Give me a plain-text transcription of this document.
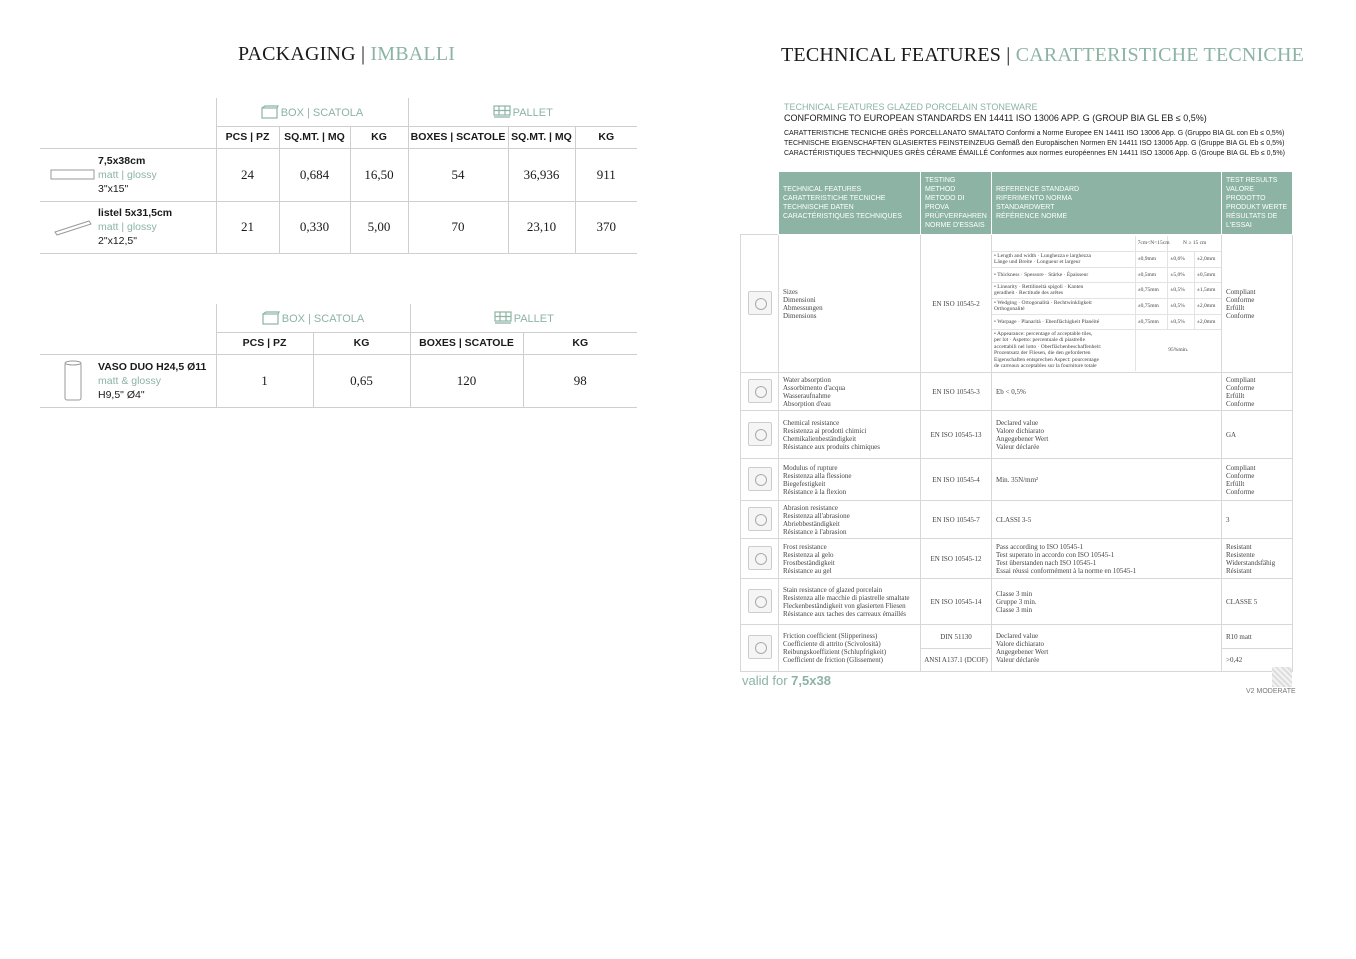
PACKAGING | IMBALLI	TECHNICAL FEATURES | CARATTERISTICHE TECNICHE
	BOX | SCATOLA			PALLET		
	PCS | PZ	SQ.MT. | MQ	KG	BOXES | SCATOLE	SQ.MT. | MQ	KG

7,5x38cm
matt | glossy
3"x15"	24	0,684	16,50	54	36,936	911

listel 5x31,5cm
matt | glossy
2"x12,5"	21	0,330	5,00	70	23,10	370
	BOX | SCATOLA		PALLET	
	PCS | PZ	KG	BOXES | SCATOLE	KG

VASO DUO H24,5 Ø11
matt & glossy
H9,5" Ø4"	1	0,65	120	98
TECHNICAL FEATURES GLAZED PORCELAIN STONEWARE
CONFORMING TO EUROPEAN STANDARDS EN 14411 ISO 13006 APP. G (GROUP BIA GL EB ≤ 0,5%)
CARATTERISTICHE TECNICHE GRÈS PORCELLANATO SMALTATO Conformi a Norme Europee EN 14411 ISO 13006 App. G (Gruppo BIA GL con Eb ≤ 0,5%)
TECHNISCHE EIGENSCHAFTEN GLASIERTES FEINSTEINZEUG Gemäß den Europäischen Normen EN 14411 ISO 13006 App. G (Gruppe BIA GL Eb ≤ 0,5%)
CARACTÉRISTIQUES TECHNIQUES GRÈS CÉRAME ÉMAILLÉ Conformes aux normes européennes EN 14411 ISO 13006 App. G (Groupe BIA GL Eb ≤ 0,5%)
	TECHNICAL FEATURES
CARATTERISTICHE TECNICHE
TECHNISCHE DATEN
CARACTÉRISTIQUES TECHNIQUES	TESTING METHOD
METODO DI PROVA
PRÜFVERFAHREN
NORME D'ESSAIS	REFERENCE STANDARD
RIFERIMENTO NORMA
STANDARDWERT
RÉFÉRENCE NORME	TEST RESULTS
VALORE PRODOTTO
PRODUKT WERTE
RÉSULTATS DE
L'ESSAI
	Sizes
Dimensioni
Abmessungen
Dimensions	EN ISO 10545-2	
	7cm<N<15cm	N ≥ 15 cm
• Length and width · Lunghezza e larghezza
Länge und Breite · Longueur et largeur	±0,9mm	±0,6%	±2,0mm
• Thickness · Spessore · Stärke · Épaisseur	±0,5mm	±5,0%	±0,5mm
• Linearity · Rettilineità spigoli · Kanten
geradheit · Rectitude des arêtes	±0,75mm	±0,5%	±1,5mm
• Wedging · Ortogonalità · Rechtwinkligkeit
Orthogonalité	±0,75mm	±0,5%	±2,0mm
• Warpage · Planarità · Ebenflächigkeit Planéité	±0,75mm	±0,5%	±2,0mm
• Appearance: percentage of acceptable tiles,
per lot · Aspetto: percentuale di piastrelle
accettabili nel lotto · Oberflächenbeschaffenheit:
Prozentsatz der Fliesen, die den geforderten
Eigenschaften entsprechen Aspect: pourcentage
de carreaux acceptables sur la fourniture totale	95%min.
	Compliant
Conforme
Erfüllt
Conforme
	Water absorption
Assorbimento d'acqua
Wasseraufnahme
Absorption d'eau	EN ISO 10545-3	Eb < 0,5%	Compliant
Conforme
Erfüllt
Conforme
	Chemical resistance
Resistenza ai prodotti chimici
Chemikalienbeständigkeit
Résistance aux produits chimiques	EN ISO 10545-13	Declared value
Valore dichiarato
Angegebener Wert
Valeur déclarée	GA
	Modulus of rupture
Resistenza alla flessione
Biegefestigkeit
Résistance à la flexion	EN ISO 10545-4	Min. 35N/mm²	Compliant
Conforme
Erfüllt
Conforme
	Abrasion resistance
Resistenza all'abrasione
Abriebbeständigkeit
Résistance à l'abrasion	EN ISO 10545-7	CLASSI 3-5	3
	Frost resistance
Resistenza al gelo
Frostbeständigkeit
Résistance au gel	EN ISO 10545-12	Pass according to ISO 10545-1
Test superato in accordo con ISO 10545-1
Test überstanden nach ISO 10545-1
Essai réussi conformément à la norme en 10545-1	Resistant
Resistente
Widerstandsfähig
Résistant
	Stain resistance of glazed porcelain
Resistenza alle macchie di piastrelle smaltate
Fleckenbeständigkeit von glasierten Fliesen
Résistance aux taches des carreaux émaillés	EN ISO 10545-14	Classe 3 min
Gruppe 3 min.
Classe 3 min	CLASSE 5
	Friction coefficient (Slipperiness)
Coefficiente di attrito (Scivolosità)
Reibungskoeffizient (Schlupfrigkeit)
Coefficient de friction (Glissement)	DIN 51130	Declared value
Valore dichiarato
Angegebener Wert
Valeur déclarée	R10 matt
ANSI A137.1 (DCOF)	>0,42
valid for 7,5x38
V2 MODERATE
